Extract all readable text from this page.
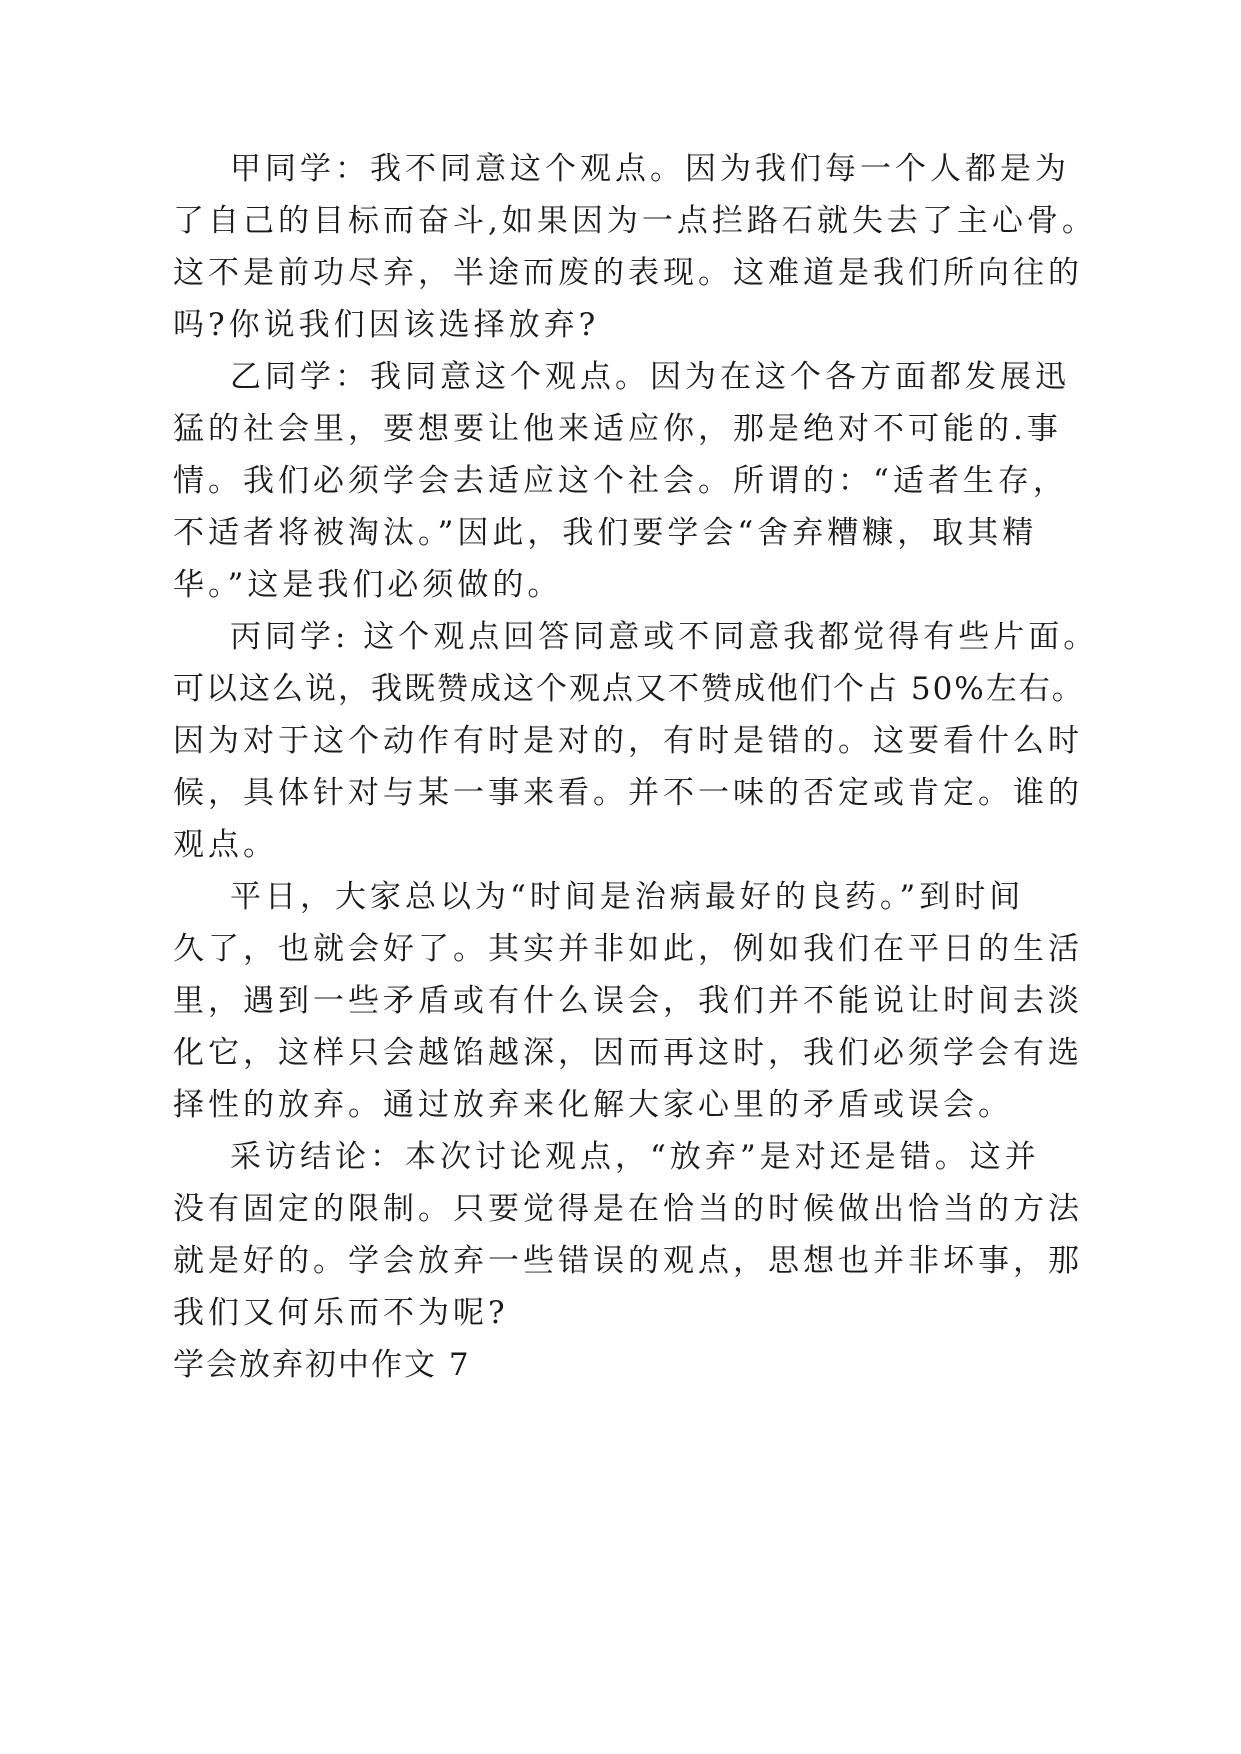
甲同学：我不同意这个观点。因为我们每一个人都是为
了自己的目标而奋斗,如果因为一点拦路石就失去了主心骨。
这不是前功尽弃，半途而废的表现。这难道是我们所向往的
吗?你说我们因该选择放弃?
乙同学：我同意这个观点。因为在这个各方面都发展迅
猛的社会里，要想要让他来适应你，那是绝对不可能的.事
情。我们必须学会去适应这个社会。所谓的：“适者生存，
不适者将被淘汰。”因此，我们要学会“舍弃糟糠，取其精
华。”这是我们必须做的。
丙同学: 这个观点回答同意或不同意我都觉得有些片面。
可以这么说，我既赞成这个观点又不赞成他们个占 50%左右。
因为对于这个动作有时是对的，有时是错的。这要看什么时
候，具体针对与某一事来看。并不一味的否定或肯定。谁的
观点。
平日，大家总以为“时间是治病最好的良药。”到时间
久了，也就会好了。其实并非如此，例如我们在平日的生活
里，遇到一些矛盾或有什么误会，我们并不能说让时间去淡
化它，这样只会越馅越深，因而再这时，我们必须学会有选
择性的放弃。通过放弃来化解大家心里的矛盾或误会。
采访结论：本次讨论观点，“放弃”是对还是错。这并
没有固定的限制。只要觉得是在恰当的时候做出恰当的方法
就是好的。学会放弃一些错误的观点，思想也并非坏事，那
我们又何乐而不为呢?
学会放弃初中作文 7
